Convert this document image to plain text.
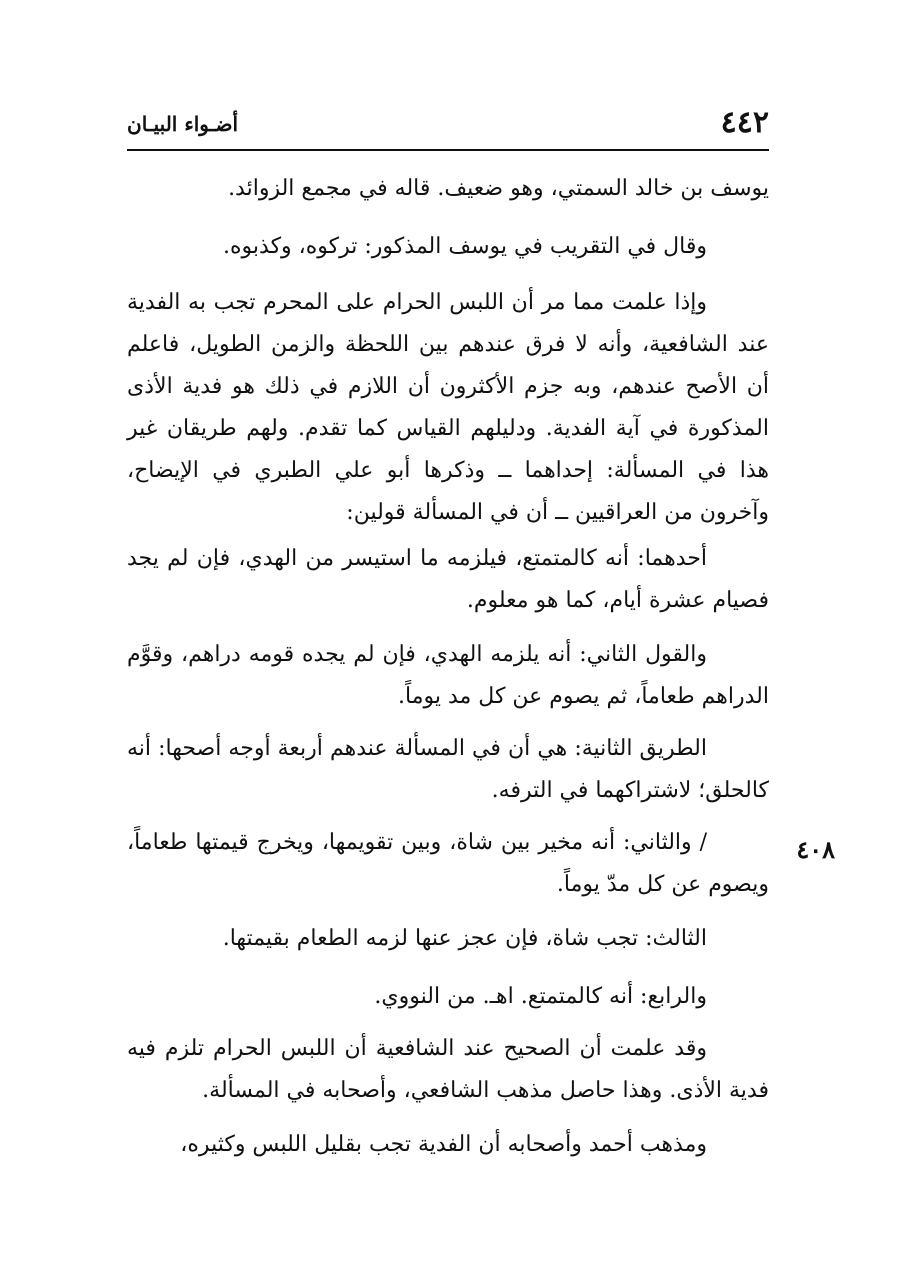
٤٤٢
أضـواء البيـان

يوسف بن خالد السمتي، وهو ضعيف. قاله في مجمع الزوائد.

وقال في التقريب في يوسف المذكور: تركوه، وكذبوه.

وإذا علمت مما مر أن اللبس الحرام على المحرم تجب به الفدية عند الشافعية، وأنه لا فرق عندهم بين اللحظة والزمن الطويل، فاعلم أن الأصح عندهم، وبه جزم الأكثرون أن اللازم في ذلك هو فدية الأذى المذكورة في آية الفدية. ودليلهم القياس كما تقدم. ولهم طريقان غير هذا في المسألة: إحداهما ــ وذكرها أبو علي الطبري في الإيضاح، وآخرون من العراقيين ــ أن في المسألة قولين:

أحدهما: أنه كالمتمتع، فيلزمه ما استيسر من الهدي، فإن لم يجد فصيام عشرة أيام، كما هو معلوم.

والقول الثاني: أنه يلزمه الهدي، فإن لم يجده قومه دراهم، وقوَّم الدراهم طعاماً، ثم يصوم عن كل مد يوماً.

الطريق الثانية: هي أن في المسألة عندهم أربعة أوجه أصحها: أنه كالحلق؛ لاشتراكهما في الترفه.

/ والثاني: أنه مخير بين شاة، وبين تقويمها، ويخرج قيمتها طعاماً، ويصوم عن كل مدّ يوماً.

٤٠٨

الثالث: تجب شاة، فإن عجز عنها لزمه الطعام بقيمتها.

والرابع: أنه كالمتمتع. اهـ. من النووي.

وقد علمت أن الصحيح عند الشافعية أن اللبس الحرام تلزم فيه فدية الأذى. وهذا حاصل مذهب الشافعي، وأصحابه في المسألة.

ومذهب أحمد وأصحابه أن الفدية تجب بقليل اللبس وكثيره،
